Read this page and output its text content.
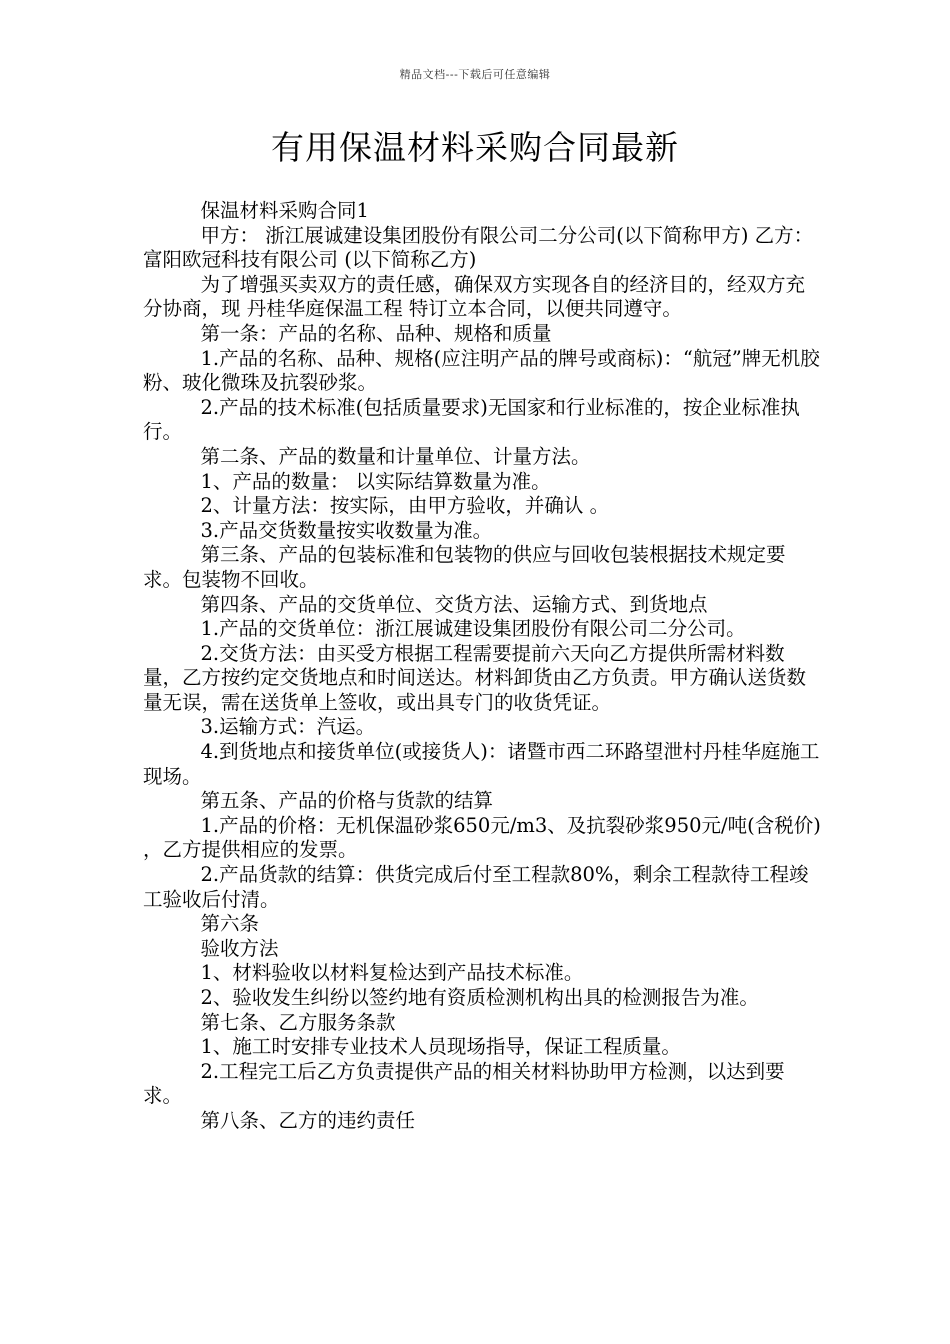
精品文档---下载后可任意编辑
有用保温材料采购合同最新

保温材料采购合同1

甲方： 浙江展诚建设集团股份有限公司二分公司(以下简称甲方) 乙方： 富阳欧冠科技有限公司 (以下简称乙方)

为了增强买卖双方的责任感，确保双方实现各自的经济目的，经双方充分协商，现 丹桂华庭保温工程 特订立本合同，以便共同遵守。

第一条：产品的名称、品种、规格和质量

1.产品的名称、品种、规格(应注明产品的牌号或商标)：“航冠”牌无机胶粉、玻化微珠及抗裂砂浆。

2.产品的技术标准(包括质量要求)无国家和行业标准的，按企业标准执行。

第二条、产品的数量和计量单位、计量方法。

1、产品的数量： 以实际结算数量为准。

2、计量方法：按实际，由甲方验收，并确认 。

3.产品交货数量按实收数量为准。

第三条、产品的包装标准和包装物的供应与回收包装根据技术规定要求。包装物不回收。

第四条、产品的交货单位、交货方法、运输方式、到货地点

1.产品的交货单位：浙江展诚建设集团股份有限公司二分公司。

2.交货方法：由买受方根据工程需要提前六天向乙方提供所需材料数量，乙方按约定交货地点和时间送达。材料卸货由乙方负责。甲方确认送货数量无误，需在送货单上签收，或出具专门的收货凭证。

3.运输方式：汽运。

4.到货地点和接货单位(或接货人)：诸暨市西二环路望泄村丹桂华庭施工现场。

第五条、产品的价格与货款的结算

1.产品的价格：无机保温砂浆650元/m3、及抗裂砂浆950元/吨(含税价) ，乙方提供相应的发票。

2.产品货款的结算：供货完成后付至工程款80%，剩余工程款待工程竣工验收后付清。

第六条

验收方法

1、材料验收以材料复检达到产品技术标准。

2、验收发生纠纷以签约地有资质检测机构出具的检测报告为准。

第七条、乙方服务条款

1、施工时安排专业技术人员现场指导，保证工程质量。

2.工程完工后乙方负责提供产品的相关材料协助甲方检测，以达到要求。

第八条、乙方的违约责任
